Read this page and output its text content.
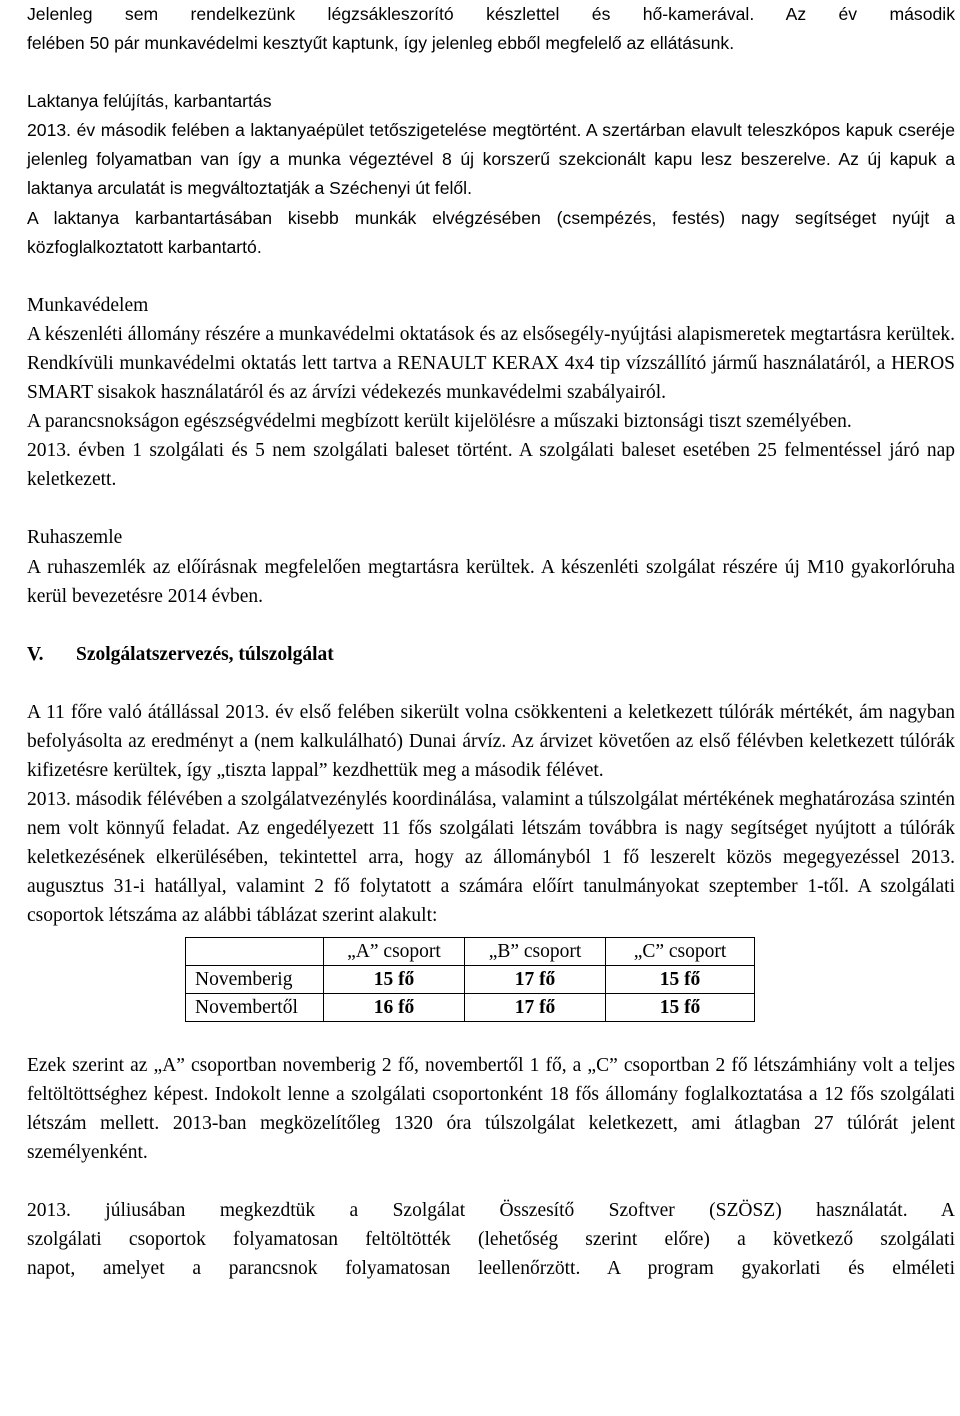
Jelenleg sem rendelkezünk légzsákleszorító készlettel és hő-kamerával. Az év második

felében 50 pár munkavédelmi kesztyűt kaptunk, így jelenleg ebből megfelelő az ellátásunk.

Laktanya felújítás, karbantartás

2013. év második felében a laktanyaépület tetőszigetelése megtörtént. A szertárban elavult teleszkópos kapuk cseréje jelenleg folyamatban van így a munka végeztével 8 új korszerű szekcionált kapu lesz beszerelve. Az új kapuk a laktanya arculatát is megváltoztatják a Széchenyi út felől.

A laktanya karbantartásában kisebb munkák elvégzésében (csempézés, festés) nagy segítséget nyújt a közfoglalkoztatott karbantartó.

Munkavédelem

A készenléti állomány részére a munkavédelmi oktatások és az elsősegély-nyújtási alapismeretek megtartásra kerültek. Rendkívüli munkavédelmi oktatás lett tartva a RENAULT KERAX 4x4 tip vízszállító jármű használatáról, a HEROS SMART sisakok használatáról és az árvízi védekezés munkavédelmi szabályairól.

A parancsnokságon egészségvédelmi megbízott került kijelölésre a műszaki biztonsági tiszt személyében.

2013. évben 1 szolgálati és 5 nem szolgálati baleset történt. A szolgálati baleset esetében 25 felmentéssel járó nap keletkezett.

Ruhaszemle

A ruhaszemlék az előírásnak megfelelően megtartásra kerültek. A készenléti szolgálat részére új M10 gyakorlóruha kerül bevezetésre 2014 évben.

V.	Szolgálatszervezés, túlszolgálat

A 11 főre való átállással 2013. év első felében sikerült volna csökkenteni a keletkezett túlórák mértékét, ám nagyban befolyásolta az eredményt a (nem kalkulálható) Dunai árvíz. Az árvizet követően az első félévben keletkezett túlórák kifizetésre kerültek, így „tiszta lappal” kezdhettük meg a második félévet.

2013. második félévében a szolgálatvezénylés koordinálása, valamint a túlszolgálat mértékének meghatározása szintén nem volt könnyű feladat. Az engedélyezett 11 fős szolgálati létszám továbbra is nagy segítséget nyújtott a túlórák keletkezésének elkerülésében, tekintettel arra, hogy az állományból 1 fő leszerelt közös megegyezéssel 2013. augusztus 31-i hatállyal, valamint 2 fő folytatott a számára előírt tanulmányokat szeptember 1-től. A szolgálati csoportok létszáma az alábbi táblázat szerint alakult:

	„A” csoport	„B” csoport	„C” csoport
Novemberig	15 fő	17 fő	15 fő
Novembertől	16 fő	17 fő	15 fő

Ezek szerint az „A” csoportban novemberig 2 fő, novembertől 1 fő, a „C” csoportban 2 fő létszámhiány volt a teljes feltöltöttséghez képest. Indokolt lenne a szolgálati csoportonként 18 fős állomány foglalkoztatása a 12 fős szolgálati létszám mellett. 2013-ban megközelítőleg 1320 óra túlszolgálat keletkezett, ami átlagban 27 túlórát jelent személyenként.

2013. júliusában megkezdtük a Szolgálat Összesítő Szoftver (SZÖSZ) használatát. A

szolgálati csoportok folyamatosan feltöltötték (lehetőség szerint előre) a következő szolgálati

napot, amelyet a parancsnok folyamatosan leellenőrzött. A program gyakorlati és elméleti
